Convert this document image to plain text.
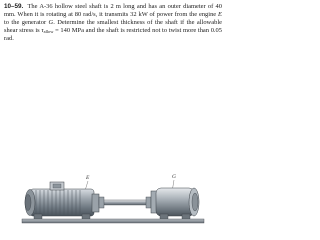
10–59. The A-36 hollow steel shaft is 2 m long and has an outer diameter of 40 mm. When it is rotating at 80 rad/s, it transmits 32 kW of power from the engine E to the generator G. Determine the smallest thickness of the shaft if the allowable shear stress is $\tau_{allow} = 140$ MPa and the shaft is restricted not to twist more than 0.05 rad.
E	G
